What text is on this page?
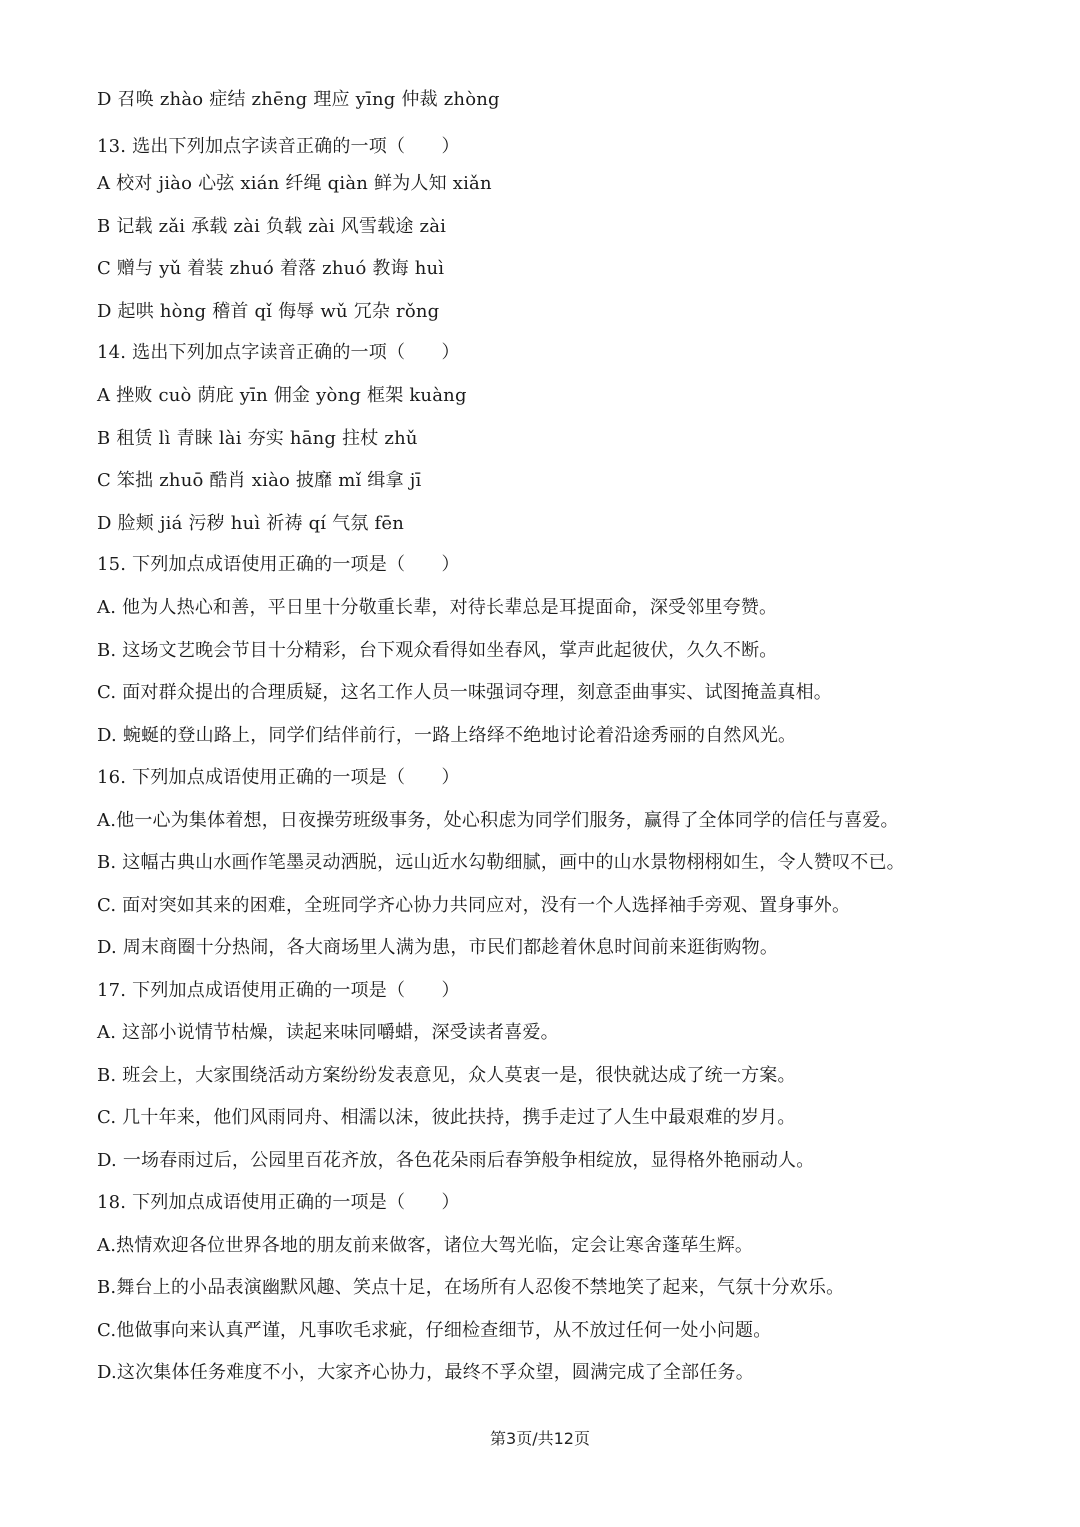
D 召唤 zhào 症结 zhēng 理应 yīng 仲裁 zhòng
13. 选出下列加点字读音正确的一项（　　）
A 校对 jiào 心弦 xián 纤绳 qiàn 鲜为人知 xiǎn
B 记载 zǎi 承载 zài 负载 zài 风雪载途 zài
C 赠与 yǔ 着装 zhuó 着落 zhuó 教诲 huì
D 起哄 hòng 稽首 qǐ 侮辱 wǔ 冗杂 rǒng
14. 选出下列加点字读音正确的一项（　　）
A 挫败 cuò 荫庇 yīn 佣金 yòng 框架 kuàng
B 租赁 lì 青睐 lài 夯实 hāng 拄杖 zhǔ
C 笨拙 zhuō 酷肖 xiào 披靡 mǐ 缉拿 jī
D 脸颊 jiá 污秽 huì 祈祷 qí 气氛 fēn
15. 下列加点成语使用正确的一项是（　　）
A. 他为人热心和善，平日里十分敬重长辈，对待长辈总是耳提面命，深受邻里夸赞。
B. 这场文艺晚会节目十分精彩，台下观众看得如坐春风，掌声此起彼伏，久久不断。
C. 面对群众提出的合理质疑，这名工作人员一味强词夺理，刻意歪曲事实、试图掩盖真相。
D. 蜿蜒的登山路上，同学们结伴前行，一路上络绎不绝地讨论着沿途秀丽的自然风光。
16. 下列加点成语使用正确的一项是（　　）
A.他一心为集体着想，日夜操劳班级事务，处心积虑为同学们服务，赢得了全体同学的信任与喜爱。
B. 这幅古典山水画作笔墨灵动洒脱，远山近水勾勒细腻，画中的山水景物栩栩如生，令人赞叹不已。
C. 面对突如其来的困难，全班同学齐心协力共同应对，没有一个人选择袖手旁观、置身事外。
D. 周末商圈十分热闹，各大商场里人满为患，市民们都趁着休息时间前来逛街购物。
17. 下列加点成语使用正确的一项是（　　）
A. 这部小说情节枯燥，读起来味同嚼蜡，深受读者喜爱。
B. 班会上，大家围绕活动方案纷纷发表意见，众人莫衷一是，很快就达成了统一方案。
C. 几十年来，他们风雨同舟、相濡以沫，彼此扶持，携手走过了人生中最艰难的岁月。
D. 一场春雨过后，公园里百花齐放，各色花朵雨后春笋般争相绽放，显得格外艳丽动人。
18. 下列加点成语使用正确的一项是（　　）
A.热情欢迎各位世界各地的朋友前来做客，诸位大驾光临，定会让寒舍蓬荜生辉。
B.舞台上的小品表演幽默风趣、笑点十足，在场所有人忍俊不禁地笑了起来，气氛十分欢乐。
C.他做事向来认真严谨，凡事吹毛求疵，仔细检查细节，从不放过任何一处小问题。
D.这次集体任务难度不小，大家齐心协力，最终不孚众望，圆满完成了全部任务。
第3页/共12页
